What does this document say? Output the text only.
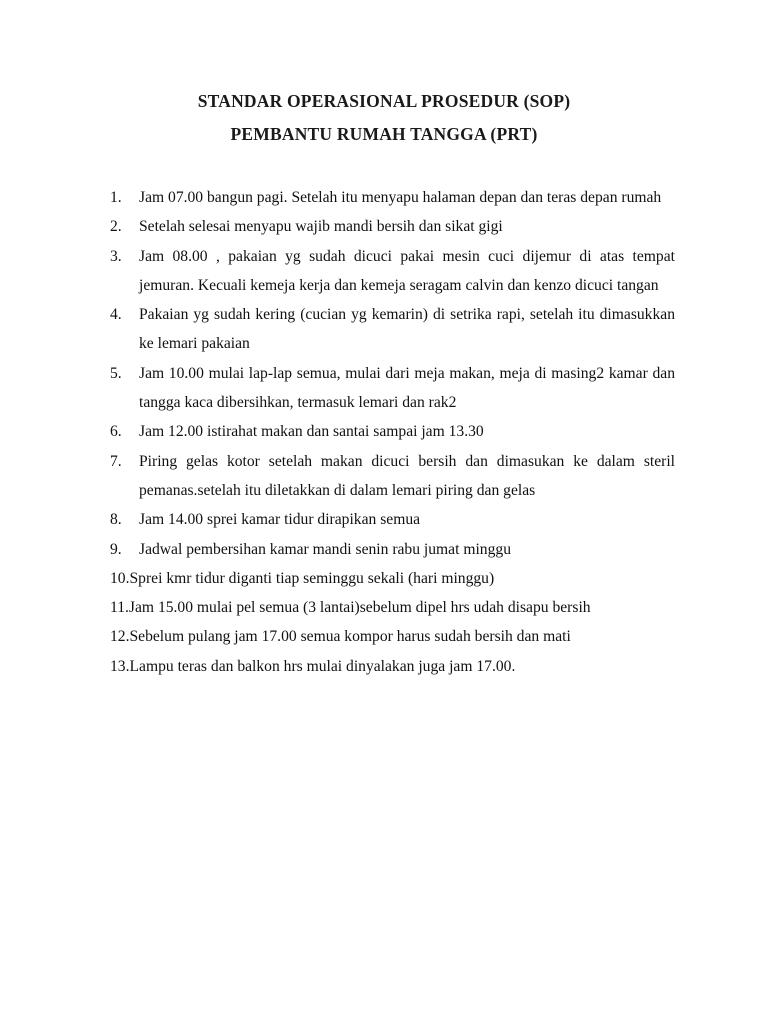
STANDAR OPERASIONAL PROSEDUR (SOP)
PEMBANTU RUMAH TANGGA (PRT)
1. Jam 07.00 bangun pagi. Setelah itu menyapu halaman depan dan teras depan rumah
2. Setelah selesai menyapu wajib mandi bersih dan sikat gigi
3. Jam 08.00 , pakaian yg sudah dicuci pakai mesin cuci dijemur di atas tempat jemuran. Kecuali kemeja kerja dan kemeja seragam calvin dan kenzo dicuci tangan
4. Pakaian yg sudah kering (cucian yg kemarin) di setrika rapi, setelah itu dimasukkan ke lemari pakaian
5. Jam 10.00 mulai lap-lap semua, mulai dari meja makan, meja di masing2 kamar dan tangga kaca dibersihkan, termasuk lemari dan rak2
6. Jam 12.00 istirahat makan dan santai sampai jam 13.30
7. Piring gelas kotor setelah makan dicuci bersih dan dimasukan ke dalam steril pemanas.setelah itu diletakkan di dalam lemari piring dan gelas
8. Jam 14.00 sprei kamar tidur dirapikan semua
9. Jadwal pembersihan kamar mandi senin rabu jumat minggu
10. Sprei kmr tidur diganti tiap seminggu sekali (hari minggu)
11. Jam 15.00 mulai pel semua (3 lantai)sebelum dipel hrs udah disapu bersih
12. Sebelum pulang jam 17.00 semua kompor harus sudah bersih dan mati
13. Lampu teras dan balkon hrs mulai dinyalakan juga jam 17.00.
